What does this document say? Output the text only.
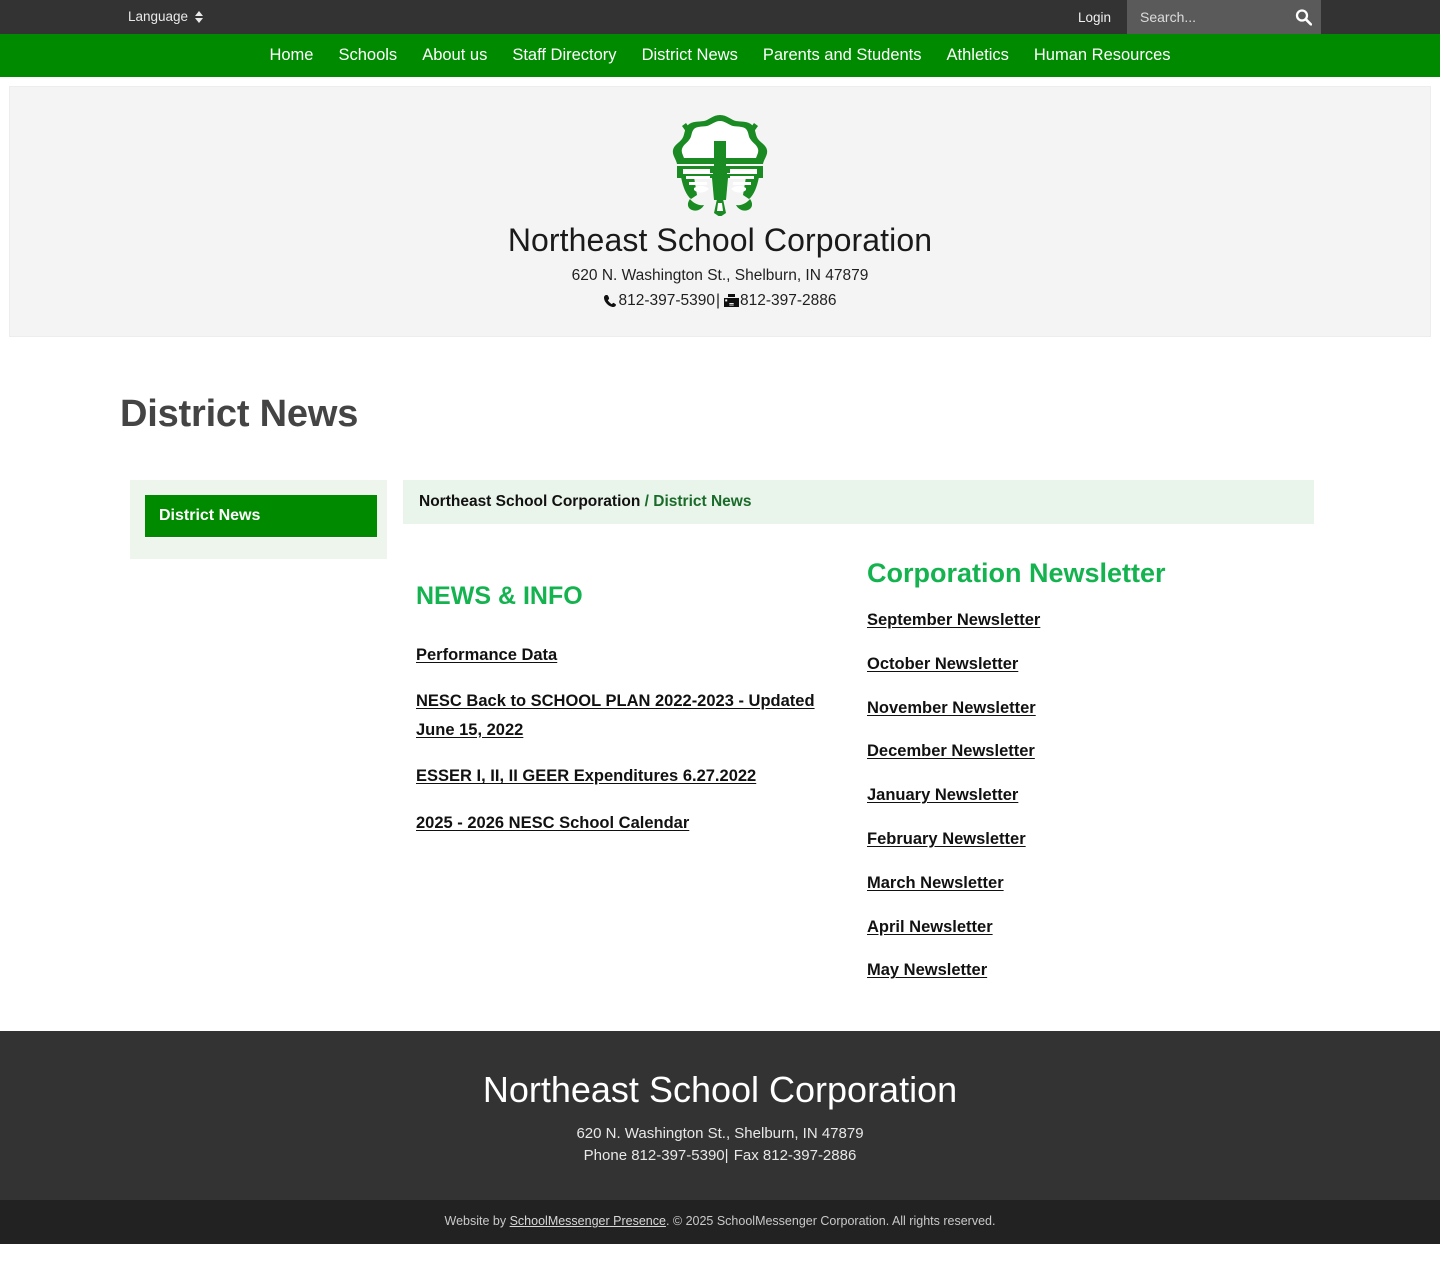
Language	Login
Search...
Home	Schools	About us	Staff Directory	District News	Parents and Students	Athletics	Human Resources
Northeast School Corporation
620 N. Washington St., Shelburn, IN 47879
812-397-5390 | 812-397-2886
District News
District News
Northeast School Corporation / District News
NEWS & INFO
Performance Data
NESC Back to SCHOOL PLAN 2022-2023 - Updated June 15, 2022
ESSER I, II, II GEER Expenditures 6.27.2022
2025 - 2026 NESC School Calendar
Corporation Newsletter
September Newsletter
October Newsletter
November Newsletter
December Newsletter
January Newsletter
February Newsletter
March Newsletter
April Newsletter
May Newsletter
Northeast School Corporation
620 N. Washington St., Shelburn, IN 47879
Phone 812-397-5390| Fax 812-397-2886
Website by SchoolMessenger Presence. © 2025 SchoolMessenger Corporation. All rights reserved.
